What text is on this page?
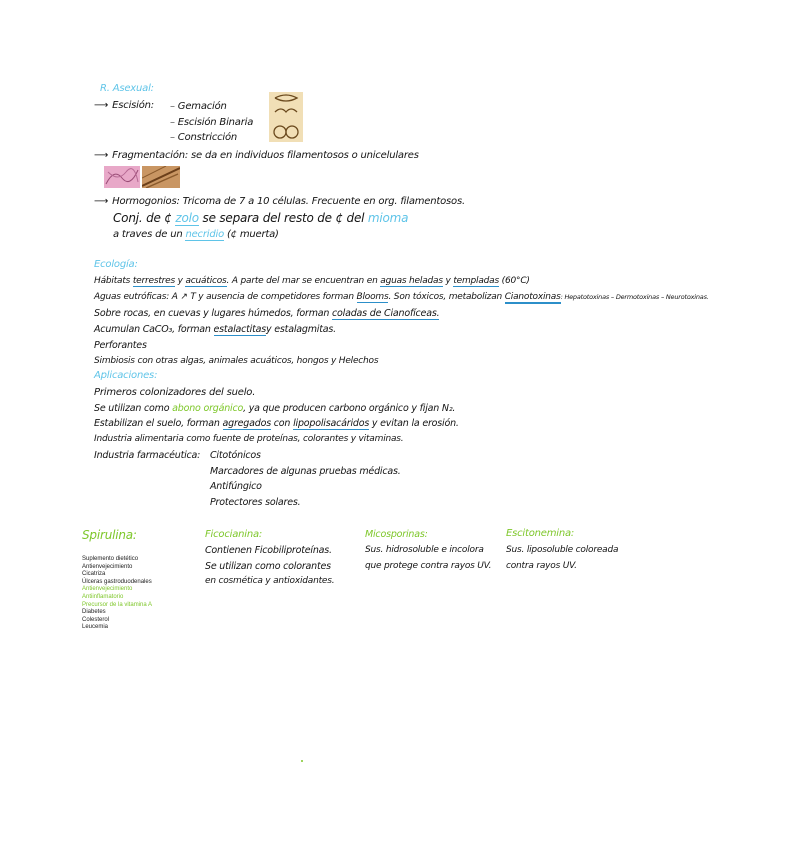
R. Asexual:
⟶ Escisión: – Gemación
– Escisión Binaria
– Constricción
⟶ Fragmentación: se da en individuos filamentosos o unicelulares
⟶ Hormogonios: Tricoma de 7 a 10 células. Frecuente en org. filamentosos.
Conj. de ¢ zolo se separa del resto de ¢ del mioma
a traves de un necridio (¢ muerta)
Ecología:
Hábitats terrestres y acuáticos. A parte del mar se encuentran en aguas heladas y templadas (60°C)
Aguas eutróficas: A ↗ T y ausencia de competidores forman Blooms. Son tóxicos, metabolizan Cianotoxinas: Hepatotoxinas – Dermotoxinas – Neurotoxinas.
Sobre rocas, en cuevas y lugares húmedos, forman coladas de Cianofíceas.
Acumulan CaCO₃, forman estalactitasy estalagmitas.
Perforantes
Simbiosis con otras algas, animales acuáticos, hongos y Helechos
Aplicaciones:
Primeros colonizadores del suelo.
Se utilizan como abono orgánico, ya que producen carbono orgánico y fijan N₂.
Estabilizan el suelo, forman agregados con lipopolisacáridos y evitan la erosión.
Industria alimentaria como fuente de proteínas, colorantes y vitaminas.
Industria farmacéutica: Citotónicos
Marcadores de algunas pruebas médicas.
Antifúngico
Protectores solares.
Spirulina:
Suplemento dietético
Antienvejecimiento
Cicatriza
Úlceras gastroduodenales
Antienvejecimiento
Antiinflamatorio
Precursor de la vitamina A
Diabetes
Colesterol
Leucemia
Ficocianina:
Contienen Ficobiliproteínas.
Se utilizan como colorantes
en cosmética y antioxidantes.
Micosporinas:
Sus. hidrosoluble e incolora
que protege contra rayos UV.
Escitonemina:
Sus. liposoluble coloreada
contra rayos UV.
